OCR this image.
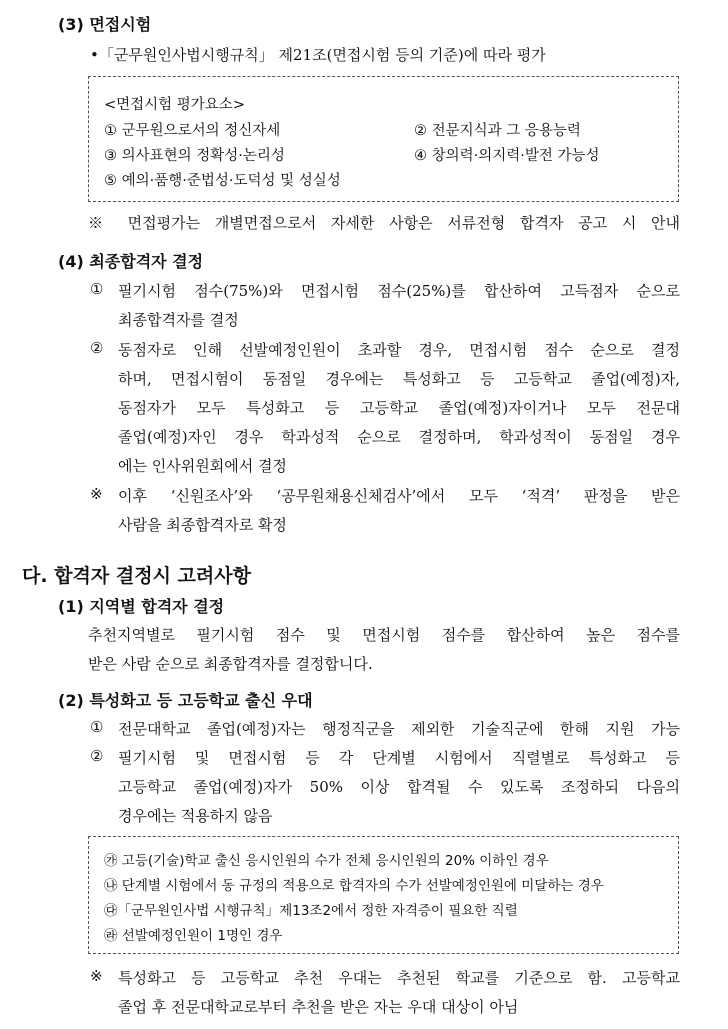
(3) 면접시험
•「군무원인사법시행규칙」 제21조(면접시험 등의 기준)에 따라 평가
<면접시험 평가요소>
① 군무원으로서의 정신자세	② 전문지식과 그 응용능력
③ 의사표현의 정확성·논리성	④ 창의력·의지력·발전 가능성
⑤ 예의·품행·준법성·도덕성 및 성실성
※ 면접평가는 개별면접으로서 자세한 사항은 서류전형 합격자 공고 시 안내
(4) 최종합격자 결정
① 필기시험 점수(75%)와 면접시험 점수(25%)를 합산하여 고득점자 순으로
최종합격자를 결정
② 동점자로 인해 선발예정인원이 초과할 경우, 면접시험 점수 순으로 결정
하며, 면접시험이 동점일 경우에는 특성화고 등 고등학교 졸업(예정)자,
동점자가 모두 특성화고 등 고등학교 졸업(예정)자이거나 모두 전문대
졸업(예정)자인 경우 학과성적 순으로 결정하며, 학과성적이 동점일 경우
에는 인사위원회에서 결정
※ 이후 ‘신원조사’와 ‘공무원채용신체검사’에서 모두 ‘적격’ 판정을 받은
사람을 최종합격자로 확정
다. 합격자 결정시 고려사항
(1) 지역별 합격자 결정
추천지역별로 필기시험 점수 및 면접시험 점수를 합산하여 높은 점수를
받은 사람 순으로 최종합격자를 결정합니다.
(2) 특성화고 등 고등학교 출신 우대
① 전문대학교 졸업(예정)자는 행정직군을 제외한 기술직군에 한해 지원 가능
② 필기시험 및 면접시험 등 각 단계별 시험에서 직렬별로 특성화고 등
고등학교 졸업(예정)자가 50% 이상 합격될 수 있도록 조정하되 다음의
경우에는 적용하지 않음
㉮ 고등(기술)학교 출신 응시인원의 수가 전체 응시인원의 20% 이하인 경우
㉯ 단계별 시험에서 동 규정의 적용으로 합격자의 수가 선발예정인원에 미달하는 경우
㉰「군무원인사법 시행규칙」제13조2에서 정한 자격증이 필요한 직렬
㉱ 선발예정인원이 1명인 경우
※ 특성화고 등 고등학교 추천 우대는 추천된 학교를 기준으로 함. 고등학교
졸업 후 전문대학교로부터 추천을 받은 자는 우대 대상이 아님
